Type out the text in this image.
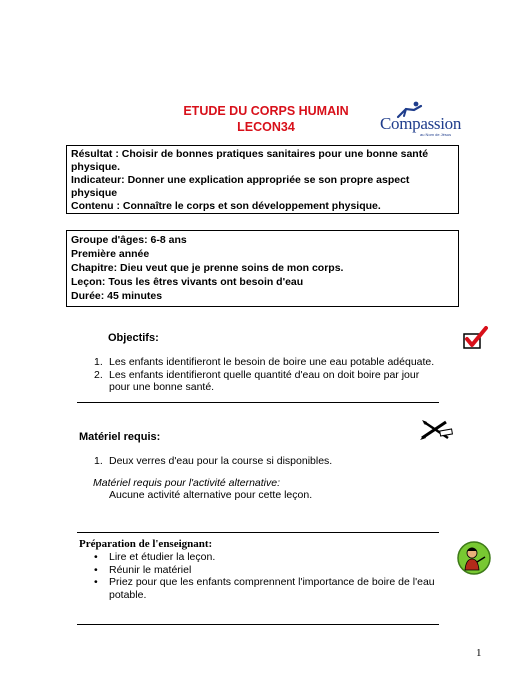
ETUDE DU CORPS HUMAIN
LECON34	Compassion
au Nom de Jésus

Résultat : Choisir de bonnes pratiques sanitaires pour une bonne santé physique.

Indicateur: Donner une explication appropriée se son propre aspect physique

Contenu : Connaître le corps et son développement physique.

Groupe d'âges: 6-8 ans

Première année

Chapitre: Dieu veut que je prenne soins de mon corps.

Leçon: Tous les êtres vivants ont besoin d'eau

Durée: 45 minutes

Objectifs:
1. Les enfants identifieront le besoin de boire une eau potable adéquate.
2. Les enfants identifieront quelle quantité d'eau on doit boire par jour pour une bonne santé.
Matériel requis:
1. Deux verres d'eau pour la course si disponibles.
Matériel requis pour l'activité alternative:
Aucune activité alternative pour cette leçon.
Préparation de l'enseignant:
• Lire et étudier la leçon.
• Réunir le matériel
• Priez pour que les enfants comprennent l'importance de boire de l'eau potable.
1
